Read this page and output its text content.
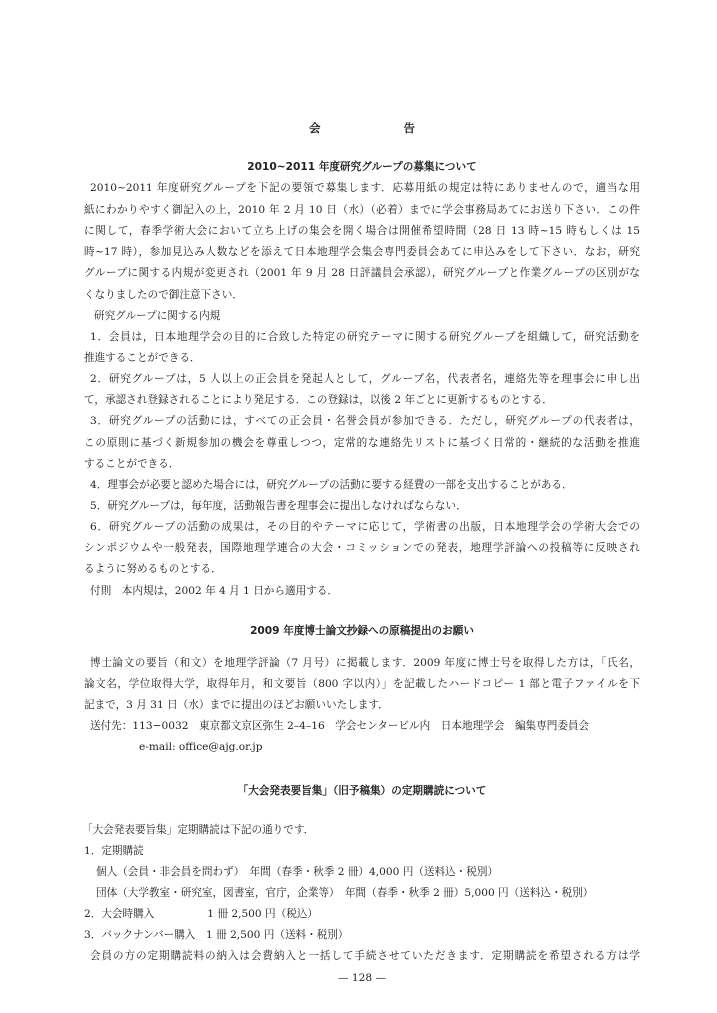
会　　告
2010~2011 年度研究グループの募集について
2010~2011 年度研究グループを下記の要領で募集します．応募用紙の規定は特にありませんので，適当な用
紙にわかりやすく御記入の上，2010 年 2 月 10 日（水）（必着）までに学会事務局あてにお送り下さい．この件
に関して，春季学術大会において立ち上げの集会を開く場合は開催希望時間（28 日 13 時~15 時もしくは 15
時~17 時），参加見込み人数などを添えて日本地理学会集会専門委員会あてに申込みをして下さい．なお，研究
グループに関する内規が変更され（2001 年 9 月 28 日評議員会承認），研究グループと作業グループの区別がな
くなりましたので御注意下さい．
研究グループに関する内規
1．会員は，日本地理学会の目的に合致した特定の研究テーマに関する研究グループを組織して，研究活動を
推進することができる．
2．研究グループは，5 人以上の正会員を発起人として，グループ名，代表者名，連絡先等を理事会に申し出
て，承認され登録されることにより発足する．この登録は，以後 2 年ごとに更新するものとする．
3．研究グループの活動には，すべての正会員・名誉会員が参加できる．ただし，研究グループの代表者は，
この原則に基づく新規参加の機会を尊重しつつ，定常的な連絡先リストに基づく日常的・継続的な活動を推進
することができる．
4．理事会が必要と認めた場合には，研究グループの活動に要する経費の一部を支出することがある．
5．研究グループは，毎年度，活動報告書を理事会に提出しなければならない．
6．研究グループの活動の成果は，その目的やテーマに応じて，学術書の出版，日本地理学会の学術大会での
シンポジウムや一般発表，国際地理学連合の大会・コミッションでの発表，地理学評論への投稿等に反映され
るように努めるものとする．
付則　本内規は，2002 年 4 月 1 日から適用する．
2009 年度博士論文抄録への原稿提出のお願い
博士論文の要旨（和文）を地理学評論（7 月号）に掲載します．2009 年度に博士号を取得した方は，「氏名，
論文名，学位取得大学，取得年月，和文要旨（800 字以内）」を記載したハードコピー 1 部と電子ファイルを下
記まで，3 月 31 日（水）までに提出のほどお願いいたします．
送付先：113−0032　東京都文京区弥生 2–4–16　学会センタービル内　日本地理学会　編集専門委員会
e-mail: office@ajg.or.jp
「大会発表要旨集」（旧予稿集）の定期購読について
「大会発表要旨集」定期購読は下記の通りです．
1．定期購読
個人（会員・非会員を問わず）　年間（春季・秋季 2 冊）4,000 円（送料込・税別）
団体（大学教室・研究室，図書室，官庁，企業等）　年間（春季・秋季 2 冊）5,000 円（送料込・税別）
2．大会時購入　　　　　1 冊 2,500 円（税込）
3．バックナンバー購入　1 冊 2,500 円（送料・税別）
会員の方の定期購読料の納入は会費納入と一括して手続させていただきます．定期購読を希望される方は学
— 128 —
